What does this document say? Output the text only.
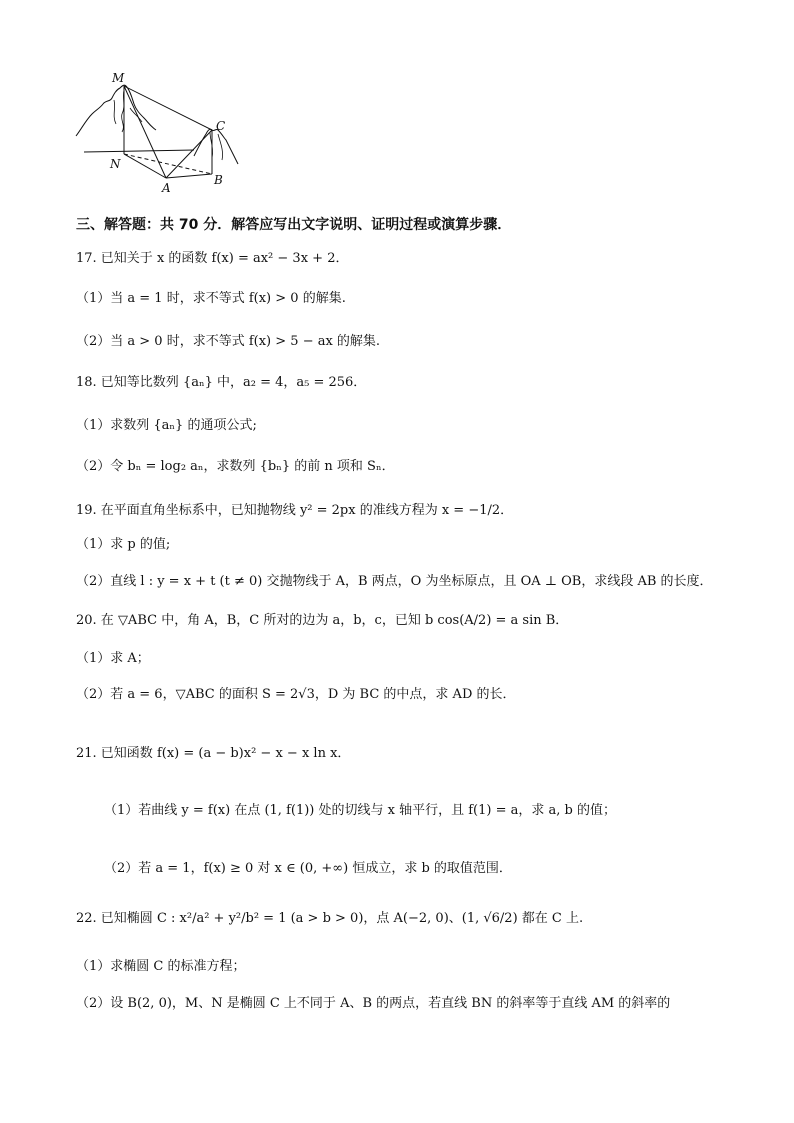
M
N
A
B
C
三、解答题：共 70 分．解答应写出文字说明、证明过程或演算步骤．
17. 已知关于 x 的函数 f(x) = ax² − 3x + 2．
（1）当 a = 1 时，求不等式 f(x) > 0 的解集.
（2）当 a > 0 时，求不等式 f(x) > 5 − ax 的解集.
18. 已知等比数列 {aₙ} 中，a₂ = 4，a₅ = 256．
（1）求数列 {aₙ} 的通项公式;
（2）令 bₙ = log₂ aₙ，求数列 {bₙ} 的前 n 项和 Sₙ．
19. 在平面直角坐标系中，已知抛物线 y² = 2px 的准线方程为 x = −1/2．
（1）求 p 的值;
（2）直线 l : y = x + t (t ≠ 0) 交抛物线于 A，B 两点，O 为坐标原点，且 OA ⊥ OB，求线段 AB 的长度．
20. 在 ▽ABC 中，角 A，B，C 所对的边为 a，b，c，已知 b cos(A/2) = a sin B．
（1）求 A；
（2）若 a = 6，▽ABC 的面积 S = 2√3，D 为 BC 的中点，求 AD 的长．
21. 已知函数 f(x) = (a − b)x² − x − x ln x．
（1）若曲线 y = f(x) 在点 (1, f(1)) 处的切线与 x 轴平行，且 f(1) = a，求 a, b 的值；
（2）若 a = 1，f(x) ≥ 0 对 x ∈ (0, +∞) 恒成立，求 b 的取值范围．
22. 已知椭圆 C : x²/a² + y²/b² = 1 (a > b > 0)，点 A(−2, 0)、(1, √6/2) 都在 C 上.
（1）求椭圆 C 的标准方程；
（2）设 B(2, 0)，M、N 是椭圆 C 上不同于 A、B 的两点，若直线 BN 的斜率等于直线 AM 的斜率的
